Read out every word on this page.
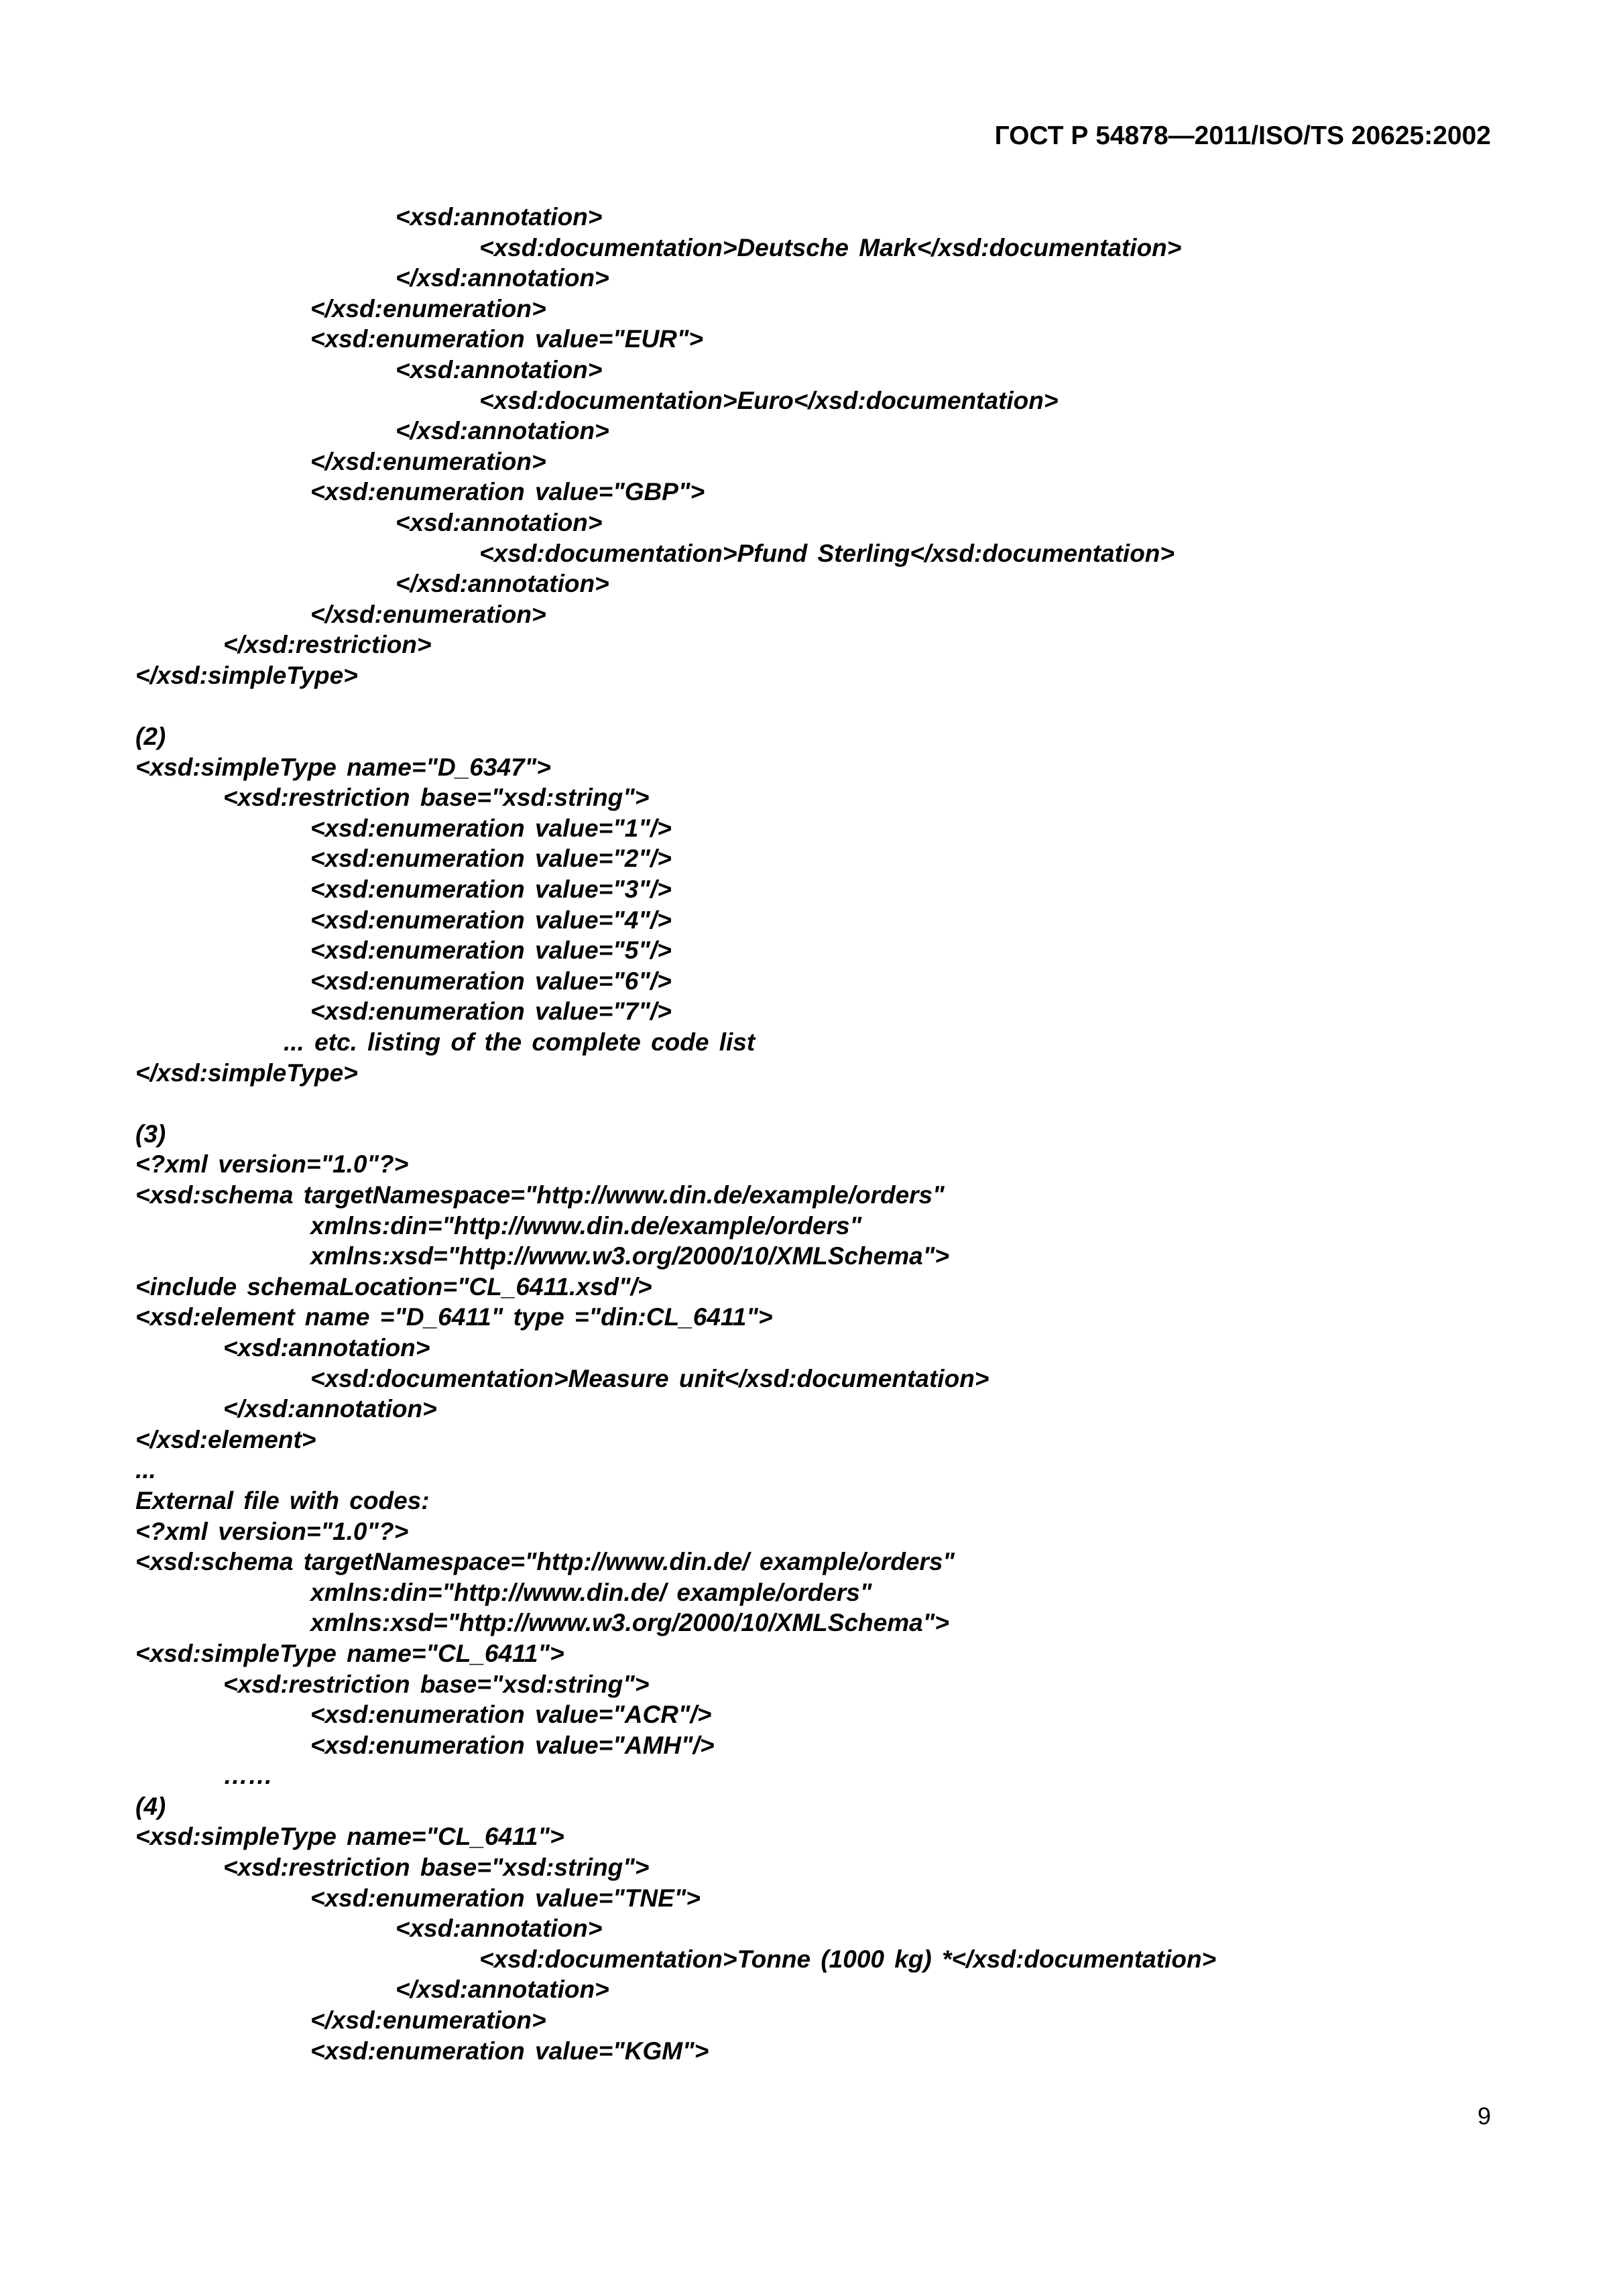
ГОСТ Р 54878—2011/ISO/TS 20625:2002
<xsd:annotation>
<xsd:documentation>Deutsche Mark</xsd:documentation>
</xsd:annotation>
</xsd:enumeration>
<xsd:enumeration value="EUR">
<xsd:annotation>
<xsd:documentation>Euro</xsd:documentation>
</xsd:annotation>
</xsd:enumeration>
<xsd:enumeration value="GBP">
<xsd:annotation>
<xsd:documentation>Pfund Sterling</xsd:documentation>
</xsd:annotation>
</xsd:enumeration>
</xsd:restriction>
</xsd:simpleType>
(2)
<xsd:simpleType name="D_6347">
<xsd:restriction base="xsd:string">
<xsd:enumeration value="1"/>
<xsd:enumeration value="2"/>
<xsd:enumeration value="3"/>
<xsd:enumeration value="4"/>
<xsd:enumeration value="5"/>
<xsd:enumeration value="6"/>
<xsd:enumeration value="7"/>
... etc. listing of the complete code list
</xsd:simpleType>
(3)
<?xml version="1.0"?>
<xsd:schema targetNamespace="http://www.din.de/example/orders"
xmlns:din="http://www.din.de/example/orders"
xmlns:xsd="http://www.w3.org/2000/10/XMLSchema">
<include schemaLocation="CL_6411.xsd"/>
<xsd:element name ="D_6411" type ="din:CL_6411">
<xsd:annotation>
<xsd:documentation>Measure unit</xsd:documentation>
</xsd:annotation>
</xsd:element>
...
External file with codes:
<?xml version="1.0"?>
<xsd:schema targetNamespace="http://www.din.de/ example/orders"
xmlns:din="http://www.din.de/ example/orders"
xmlns:xsd="http://www.w3.org/2000/10/XMLSchema">
<xsd:simpleType name="CL_6411">
<xsd:restriction base="xsd:string">
<xsd:enumeration value="ACR"/>
<xsd:enumeration value="AMH"/>
……
(4)
<xsd:simpleType name="CL_6411">
<xsd:restriction base="xsd:string">
<xsd:enumeration value="TNE">
<xsd:annotation>
<xsd:documentation>Tonne (1000 kg) *</xsd:documentation>
</xsd:annotation>
</xsd:enumeration>
<xsd:enumeration value="KGM">
9
